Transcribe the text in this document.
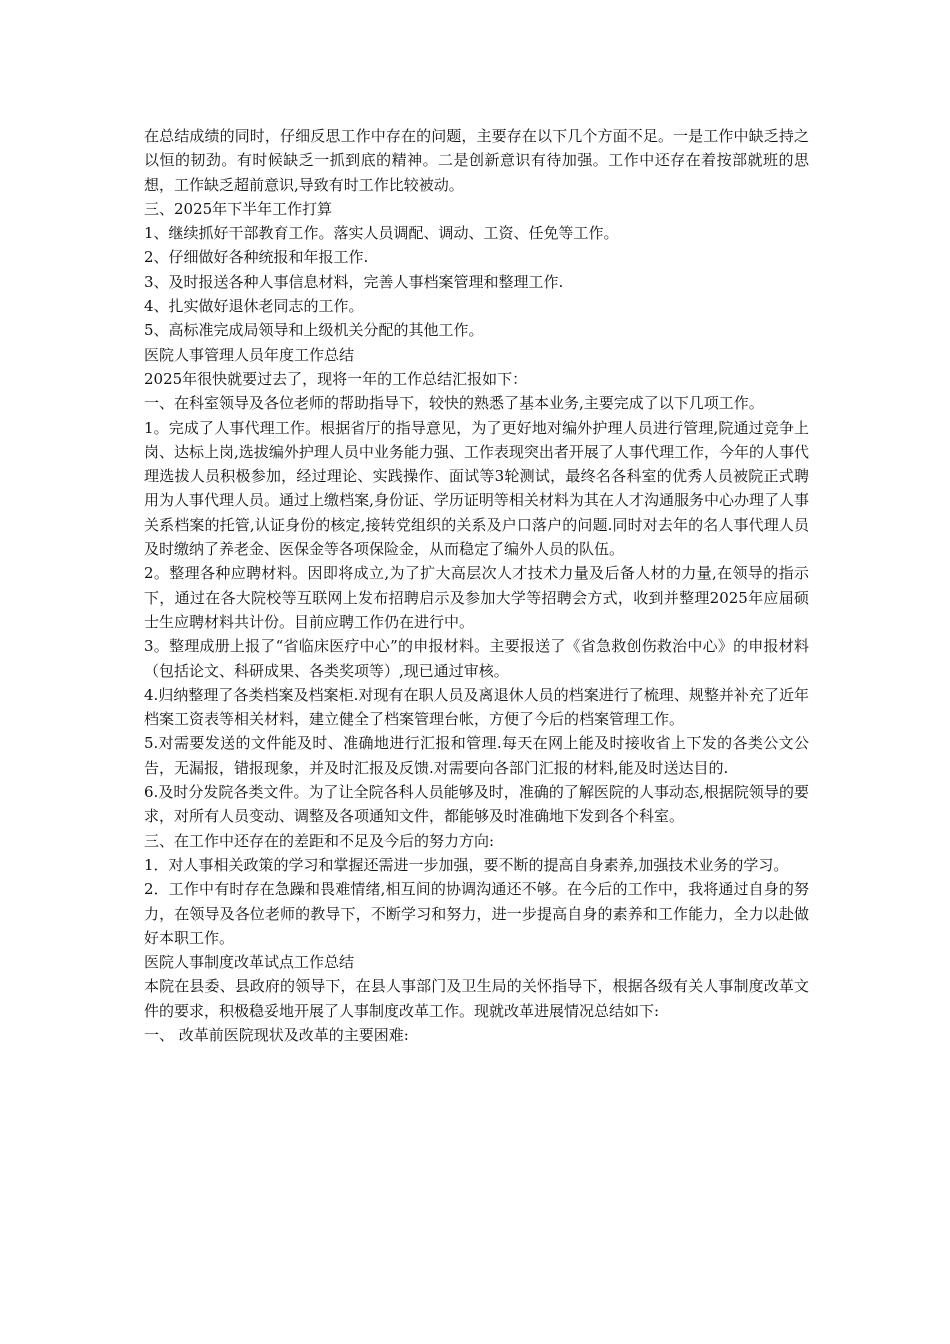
在总结成绩的同时，仔细反思工作中存在的问题，主要存在以下几个方面不足。一是工作中缺乏持之以恒的韧劲。有时候缺乏一抓到底的精神。二是创新意识有待加强。工作中还存在着按部就班的思想，工作缺乏超前意识,导致有时工作比较被动。

三、2025年下半年工作打算

1、继续抓好干部教育工作。落实人员调配、调动、工资、任免等工作。

2、仔细做好各种统报和年报工作.

3、及时报送各种人事信息材料，完善人事档案管理和整理工作.

4、扎实做好退休老同志的工作。

5、高标准完成局领导和上级机关分配的其他工作。

医院人事管理人员年度工作总结

2025年很快就要过去了，现将一年的工作总结汇报如下：

一、在科室领导及各位老师的帮助指导下，较快的熟悉了基本业务,主要完成了以下几项工作。

1。完成了人事代理工作。根据省厅的指导意见，为了更好地对编外护理人员进行管理,院通过竞争上岗、达标上岗,选拔编外护理人员中业务能力强、工作表现突出者开展了人事代理工作，今年的人事代理选拔人员积极参加，经过理论、实践操作、面试等3轮测试，最终名各科室的优秀人员被院正式聘用为人事代理人员。通过上缴档案,身份证、学历证明等相关材料为其在人才沟通服务中心办理了人事关系档案的托管,认证身份的核定,接转党组织的关系及户口落户的问题.同时对去年的名人事代理人员及时缴纳了养老金、医保金等各项保险金，从而稳定了编外人员的队伍。

2。整理各种应聘材料。因即将成立,为了扩大高层次人才技术力量及后备人材的力量,在领导的指示下，通过在各大院校等互联网上发布招聘启示及参加大学等招聘会方式，收到并整理2025年应届硕士生应聘材料共计份。目前应聘工作仍在进行中。

3。整理成册上报了“省临床医疗中心”的申报材料。主要报送了《省急救创伤救治中心》的申报材料（包括论文、科研成果、各类奖项等）,现已通过审核。

4.归纳整理了各类档案及档案柜.对现有在职人员及离退休人员的档案进行了梳理、规整并补充了近年档案工资表等相关材料，建立健全了档案管理台帐，方便了今后的档案管理工作。

5.对需要发送的文件能及时、准确地进行汇报和管理.每天在网上能及时接收省上下发的各类公文公告，无漏报，错报现象，并及时汇报及反馈.对需要向各部门汇报的材料,能及时送达目的.

6.及时分发院各类文件。为了让全院各科人员能够及时，准确的了解医院的人事动态,根据院领导的要求，对所有人员变动、调整及各项通知文件，都能够及时准确地下发到各个科室。

三、在工作中还存在的差距和不足及今后的努力方向:

1．对人事相关政策的学习和掌握还需进一步加强，要不断的提高自身素养,加强技术业务的学习。

2．工作中有时存在急躁和畏难情绪,相互间的协调沟通还不够。在今后的工作中，我将通过自身的努力，在领导及各位老师的教导下，不断学习和努力，进一步提高自身的素养和工作能力，全力以赴做好本职工作。

医院人事制度改革试点工作总结

本院在县委、县政府的领导下，在县人事部门及卫生局的关怀指导下，根据各级有关人事制度改革文件的要求，积极稳妥地开展了人事制度改革工作。现就改革进展情况总结如下:

一、 改革前医院现状及改革的主要困难:
